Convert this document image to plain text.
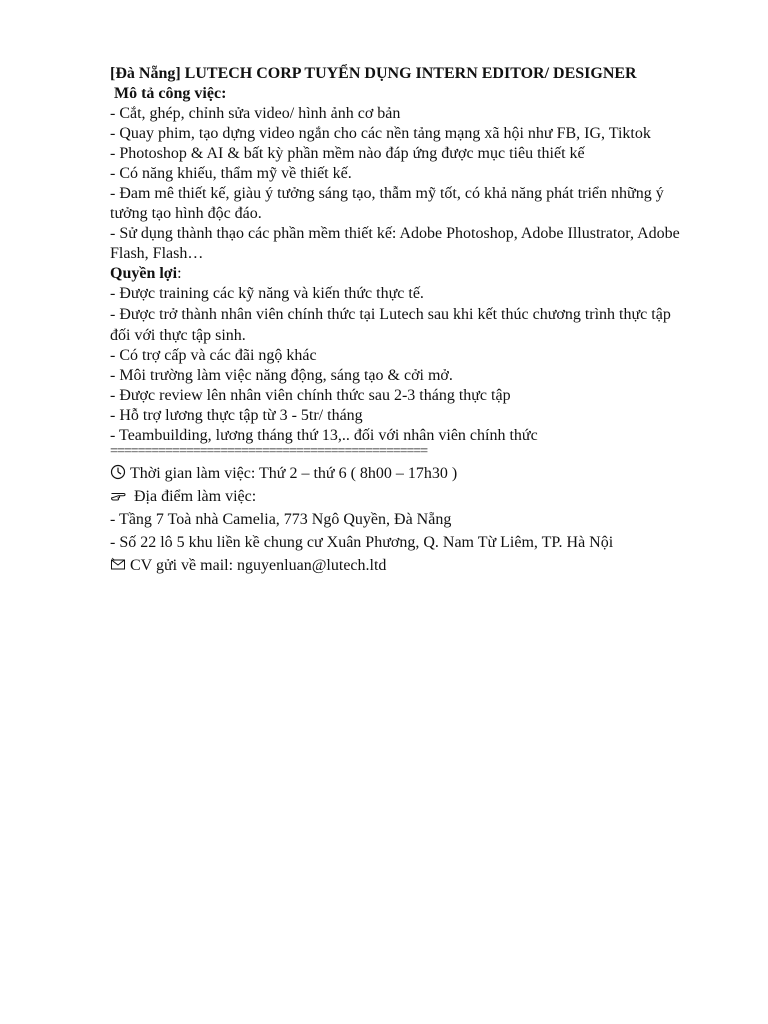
[Đà Nẵng] LUTECH CORP TUYỂN DỤNG INTERN EDITOR/ DESIGNER

Mô tả công việc:

- Cắt, ghép, chỉnh sửa video/ hình ảnh cơ bản

- Quay phim, tạo dựng video ngắn cho các nền tảng mạng xã hội như FB, IG, Tiktok

- Photoshop & AI & bất kỳ phần mềm nào đáp ứng được mục tiêu thiết kế

- Có năng khiếu, thẩm mỹ về thiết kế.

- Đam mê thiết kế, giàu ý tưởng sáng tạo, thẫm mỹ tốt, có khả năng phát triển những ý tưởng tạo hình độc đáo.

- Sử dụng thành thạo các phần mềm thiết kế: Adobe Photoshop, Adobe Illustrator, Adobe Flash, Flash…

Quyền lợi:

- Được training các kỹ năng và kiến thức thực tế.

- Được trở thành nhân viên chính thức tại Lutech sau khi kết thúc chương trình thực tập đối với thực tập sinh.

- Có trợ cấp và các đãi ngộ khác

- Môi trường làm việc năng động, sáng tạo & cởi mở.

- Được review lên nhân viên chính thức sau 2-3 tháng thực tập

- Hỗ trợ lương thực tập từ 3 - 5tr/ tháng

- Teambuilding, lương tháng thứ 13,.. đối với nhân viên chính thức

==============================================

Thời gian làm việc: Thứ 2 – thứ 6 ( 8h00 – 17h30 )

Địa điểm làm việc:

- Tầng 7 Toà nhà Camelia, 773 Ngô Quyền, Đà Nẵng

- Số 22 lô 5 khu liền kề chung cư Xuân Phương, Q. Nam Từ Liêm, TP. Hà Nội

CV gửi về mail: nguyenluan@lutech.ltd
